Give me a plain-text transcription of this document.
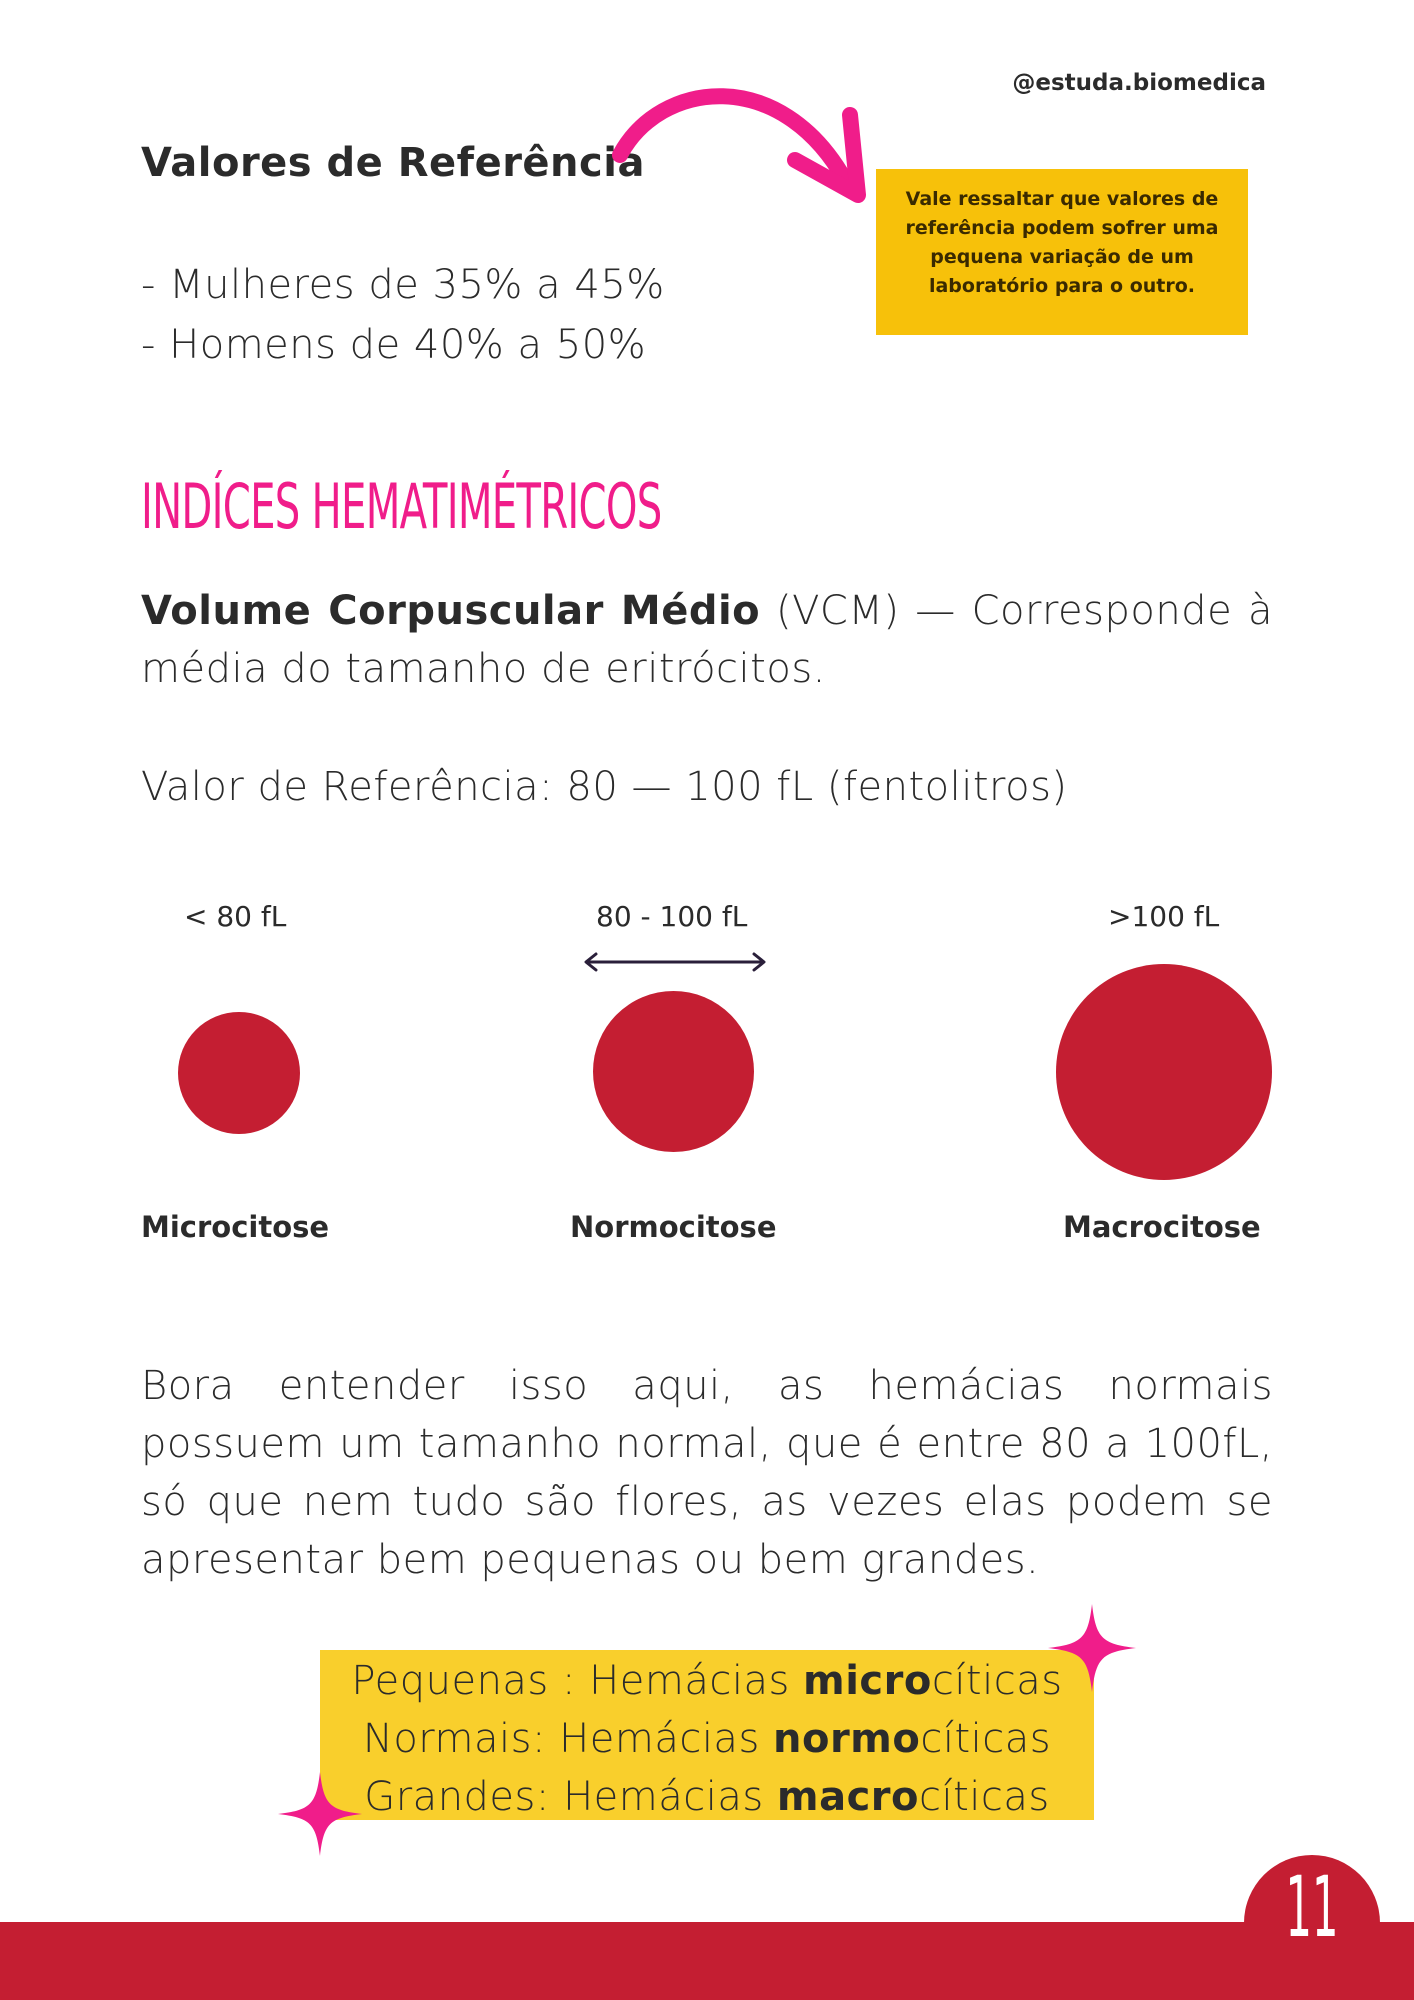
@estuda.biomedica
Valores de Referência
- Mulheres de 35% a 45%
- Homens de 40% a 50%
Vale ressaltar que valores de referência podem sofrer uma pequena variação de um laboratório para o outro.
INDÍCES HEMATIMÉTRICOS
Volume Corpuscular Médio (VCM) — Corresponde à média do tamanho de eritrócitos.
Valor de Referência: 80 — 100 fL (fentolitros)
< 80 fL	80 - 100 fL	>100 fL
Microcitose	Normocitose	Macrocitose
Bora entender isso aqui, as hemácias normais possuem um tamanho normal, que é entre 80 a 100fL, só que nem tudo são flores, as vezes elas podem se apresentar bem pequenas ou bem grandes.
Pequenas : Hemácias microcíticas
Normais: Hemácias normocíticas
Grandes: Hemácias macrocíticas
11
